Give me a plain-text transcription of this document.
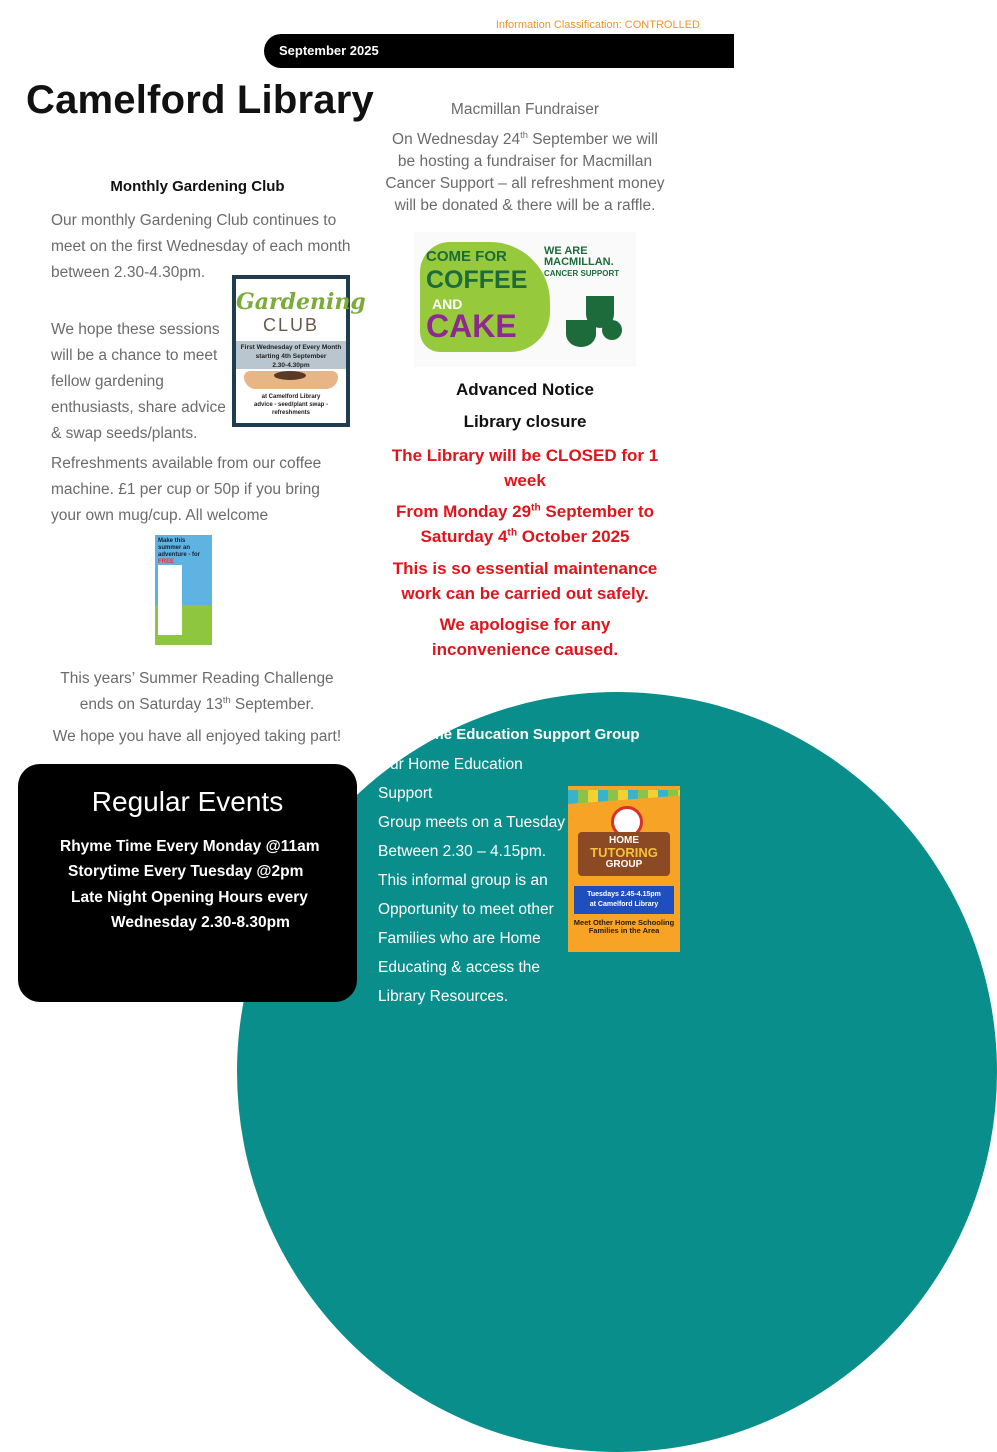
Information Classification: CONTROLLED
September 2025
Camelford Library
Monthly Gardening Club
Our monthly Gardening Club continues to meet on the first Wednesday of each month between 2.30-4.30pm.
We hope these sessions will be a chance to meet fellow gardening enthusiasts, share advice & swap seeds/plants.
Refreshments available from our coffee machine. £1 per cup or 50p if you bring your own mug/cup. All welcome
Gardening
CLUB
First Wednesday of Every Month
starting 4th September
2.30-4.30pm
at Camelford Library
advice - seed/plant swap - refreshments
Make this summer an adventure - for FREE
This years’ Summer Reading Challenge ends on Saturday 13th September.
We hope you have all enjoyed taking part!
Macmillan Fundraiser
On Wednesday 24th September we will be hosting a fundraiser for Macmillan Cancer Support – all refreshment money will be donated & there will be a raffle.
COME FOR
COFFEE
AND
CAKE
WE ARE
MACMILLAN.
CANCER SUPPORT
Advanced Notice
Library closure
The Library will be CLOSED for 1 week
From Monday 29th September to Saturday 4th October 2025
This is so essential maintenance work can be carried out safely.
We apologise for any inconvenience caused.
Regular Events
Rhyme Time Every Monday @11am
Storytime Every Tuesday @2pm
Late Night Opening Hours every
Wednesday 2.30-8.30pm
Home Education Support Group
Our Home Education Support
Group meets on a Tuesday
Between 2.30 – 4.15pm.
This informal group is an
Opportunity to meet other
Families who are Home
Educating & access the
Library Resources.
HOME
TUTORING
GROUP
Tuesdays 2.45-4.15pm
at Camelford Library
Meet Other Home Schooling Families in the Area
